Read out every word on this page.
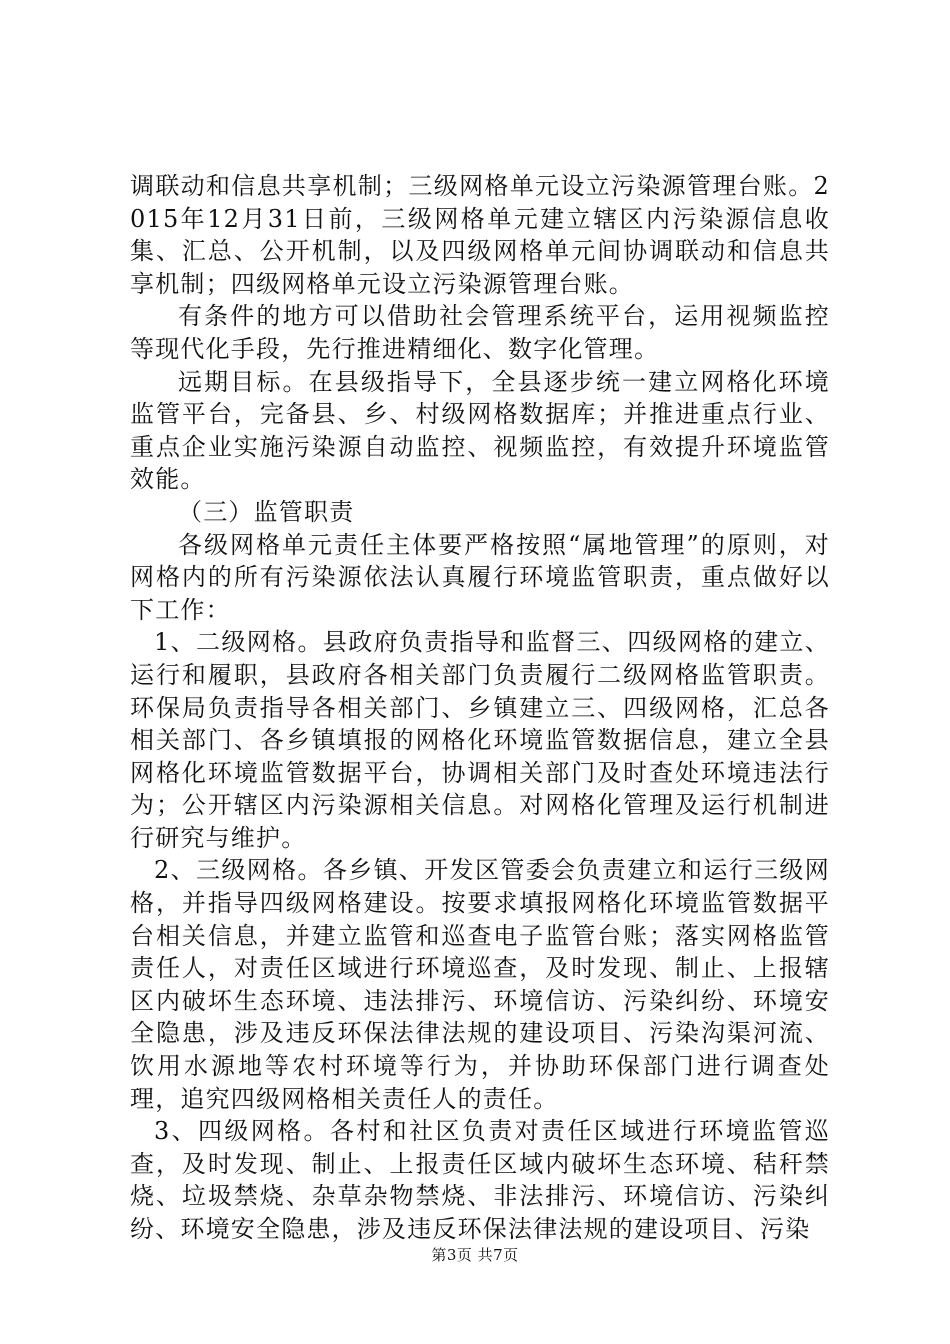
调联动和信息共享机制；三级网格单元设立污染源管理台账。2015年12月31日前，三级网格单元建立辖区内污染源信息收集、汇总、公开机制，以及四级网格单元间协调联动和信息共享机制；四级网格单元设立污染源管理台账。

有条件的地方可以借助社会管理系统平台，运用视频监控等现代化手段，先行推进精细化、数字化管理。

远期目标。在县级指导下，全县逐步统一建立网格化环境监管平台，完备县、乡、村级网格数据库；并推进重点行业、重点企业实施污染源自动监控、视频监控，有效提升环境监管效能。

（三）监管职责

各级网格单元责任主体要严格按照“属地管理”的原则，对网格内的所有污染源依法认真履行环境监管职责，重点做好以下工作：

1、二级网格。县政府负责指导和监督三、四级网格的建立、运行和履职，县政府各相关部门负责履行二级网格监管职责。环保局负责指导各相关部门、乡镇建立三、四级网格，汇总各相关部门、各乡镇填报的网格化环境监管数据信息，建立全县网格化环境监管数据平台，协调相关部门及时查处环境违法行为；公开辖区内污染源相关信息。对网格化管理及运行机制进行研究与维护。

2、三级网格。各乡镇、开发区管委会负责建立和运行三级网格，并指导四级网格建设。按要求填报网格化环境监管数据平台相关信息，并建立监管和巡查电子监管台账；落实网格监管责任人，对责任区域进行环境巡查，及时发现、制止、上报辖区内破坏生态环境、违法排污、环境信访、污染纠纷、环境安全隐患，涉及违反环保法律法规的建设项目、污染沟渠河流、饮用水源地等农村环境等行为，并协助环保部门进行调查处理，追究四级网格相关责任人的责任。

3、四级网格。各村和社区负责对责任区域进行环境监管巡查，及时发现、制止、上报责任区域内破坏生态环境、秸秆禁烧、垃圾禁烧、杂草杂物禁烧、非法排污、环境信访、污染纠纷、环境安全隐患，涉及违反环保法律法规的建设项目、污染

第3页 共7页
